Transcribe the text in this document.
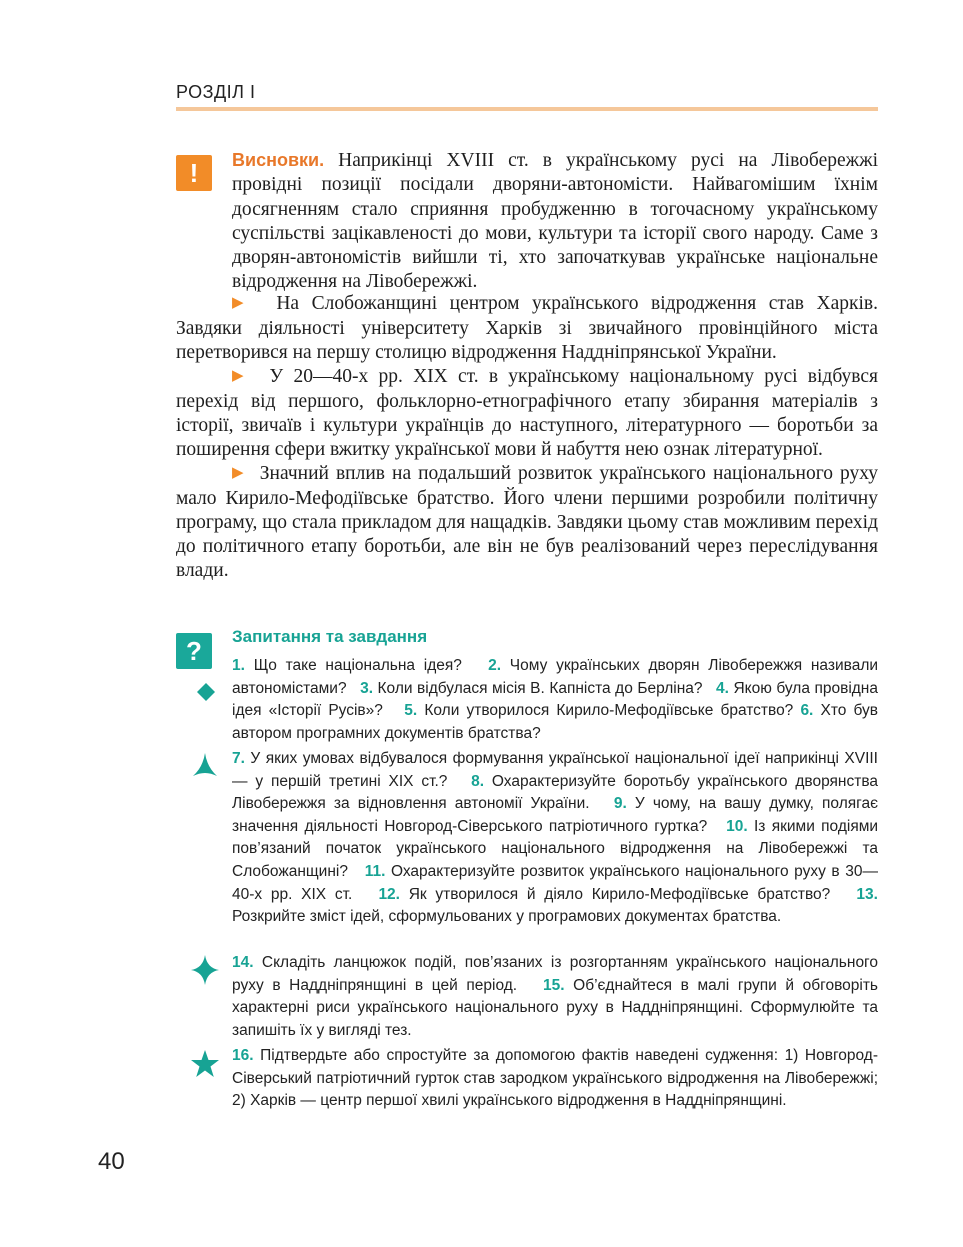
РОЗДІЛ I
!	Висновки. Наприкінці XVIII ст. в українському русі на Лівобережжі провідні позиції посідали дворяни-автономісти. Найвагомішим їхнім досягненням стало сприяння пробудженню в тогочасному українському суспільстві зацікавленості до мови, культури та історії свого народу. Саме з дворян-автономістів вийшли ті, хто започаткував українське національне відродження на Лівобережжі.

▶ На Слобожанщині центром українського відродження став Харків. Завдяки діяльності університету Харків зі звичайного провінційного міста перетворився на першу столицю відродження Наддніпрянської України.

▶ У 20—40-х рр. XIX ст. в українському національному русі відбувся перехід від першого, фольклорно-етнографічного етапу збирання матеріалів з історії, звичаїв і культури українців до наступного, літературного — боротьби за поширення сфери вжитку української мови й набуття нею ознак літературної.

▶ Значний вплив на подальший розвиток українського національного руху мало Кирило-Мефодіївське братство. Його члени першими розробили політичну програму, що стала прикладом для нащадків. Завдяки цьому став можливим перехід до політичного етапу боротьби, але він не був реалізований через переслідування влади.

?	Запитання та завдання
1. Що таке національна ідея? 2. Чому українських дворян Лівобережжя називали автономістами? 3. Коли відбулася місія В. Капніста до Берліна? 4. Якою була провідна ідея «Історії Русів»? 5. Коли утворилося Кирило-Мефодіївське братство? 6. Хто був автором програмних документів братства?
7. У яких умовах відбувалося формування української національної ідеї наприкінці XVIII — у першій третині XIX ст.? 8. Охарактеризуйте боротьбу українського дворянства Лівобережжя за відновлення автономії України. 9. У чому, на вашу думку, полягає значення діяльності Новгород-Сіверського патріотичного гуртка? 10. Із якими подіями пов’язаний початок українського національного відродження на Лівобережжі та Слобожанщині? 11. Охарактеризуйте розвиток українського національного руху в 30—40-х рр. XIX ст. 12. Як утворилося й діяло Кирило-Мефодіївське братство? 13. Розкрийте зміст ідей, сформульованих у програмових документах братства.
14. Складіть ланцюжок подій, пов’язаних із розгортанням українського національного руху в Наддніпрянщині в цей період. 15. Об’єднайтеся в малі групи й обговоріть характерні риси українського національного руху в Наддніпрянщині. Сформулюйте та запишіть їх у вигляді тез.
16. Підтвердьте або спростуйте за допомогою фактів наведені судження: 1) Новгород-Сіверський патріотичний гурток став зародком українського відродження на Лівобережжі; 2) Харків — центр першої хвилі українського відродження в Наддніпрянщині.
40
